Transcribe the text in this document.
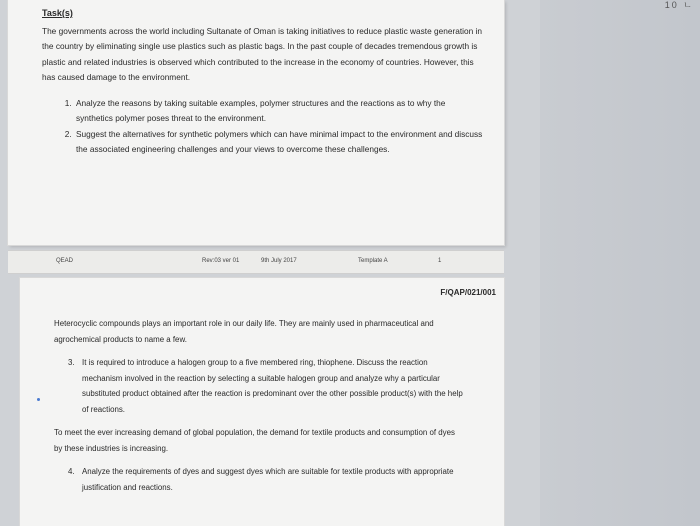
10 ㄴ
Task(s)

The governments across the world including Sultanate of Oman is taking initiatives to reduce plastic waste generation in the country by eliminating single use plastics such as plastic bags. In the past couple of decades tremendous growth is plastic and related industries is observed which contributed to the increase in the economy of countries. However, this has caused damage to the environment.

1. Analyze the reasons by taking suitable examples, polymer structures and the reactions as to why the synthetics polymer poses threat to the environment.
2. Suggest the alternatives for synthetic polymers which can have minimal impact to the environment and discuss the associated engineering challenges and your views to overcome these challenges.
QEAD	Rev:03 ver 01	9th July 2017	Template A	1
F/QAP/021/001

Heterocyclic compounds plays an important role in our daily life. They are mainly used in pharmaceutical and agrochemical products to name a few.

3. It is required to introduce a halogen group to a five membered ring, thiophene. Discuss the reaction mechanism involved in the reaction by selecting a suitable halogen group and analyze why a particular substituted product obtained after the reaction is predominant over the other possible product(s) with the help of reactions.

To meet the ever increasing demand of global population, the demand for textile products and consumption of dyes by these industries is increasing.

4. Analyze the requirements of dyes and suggest dyes which are suitable for textile products with appropriate justification and reactions.
